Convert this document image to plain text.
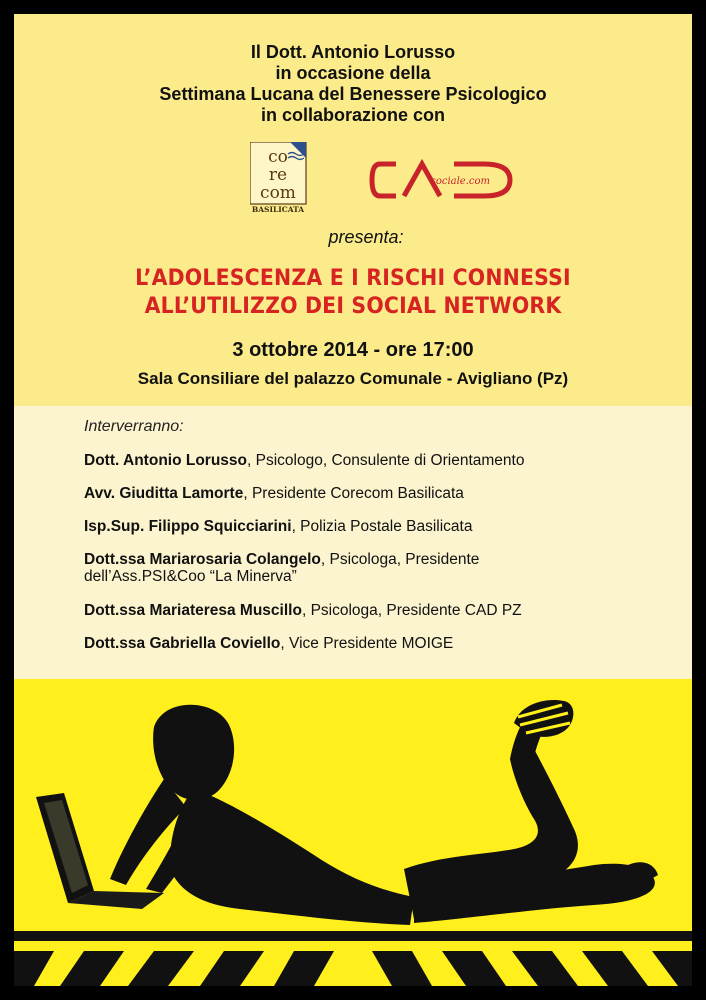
Il Dott. Antonio Lorusso
in occasione della
Settimana Lucana del Benessere Psicologico
in collaborazione con
co
re
com
BASILICATA
sociale.com
presenta:
L’ADOLESCENZA E I RISCHI CONNESSI
ALL’UTILIZZO DEI SOCIAL NETWORK
3 ottobre 2014 - ore 17:00
Sala Consiliare del palazzo Comunale - Avigliano (Pz)
Interverranno:
Dott. Antonio Lorusso, Psicologo, Consulente di Orientamento
Avv. Giuditta Lamorte, Presidente Corecom Basilicata
Isp.Sup. Filippo Squicciarini, Polizia Postale Basilicata
Dott.ssa Mariarosaria Colangelo, Psicologa, Presidente dell’Ass.PSI&Coo “La Minerva”
Dott.ssa Mariateresa Muscillo, Psicologa, Presidente CAD PZ
Dott.ssa Gabriella Coviello, Vice Presidente MOIGE
